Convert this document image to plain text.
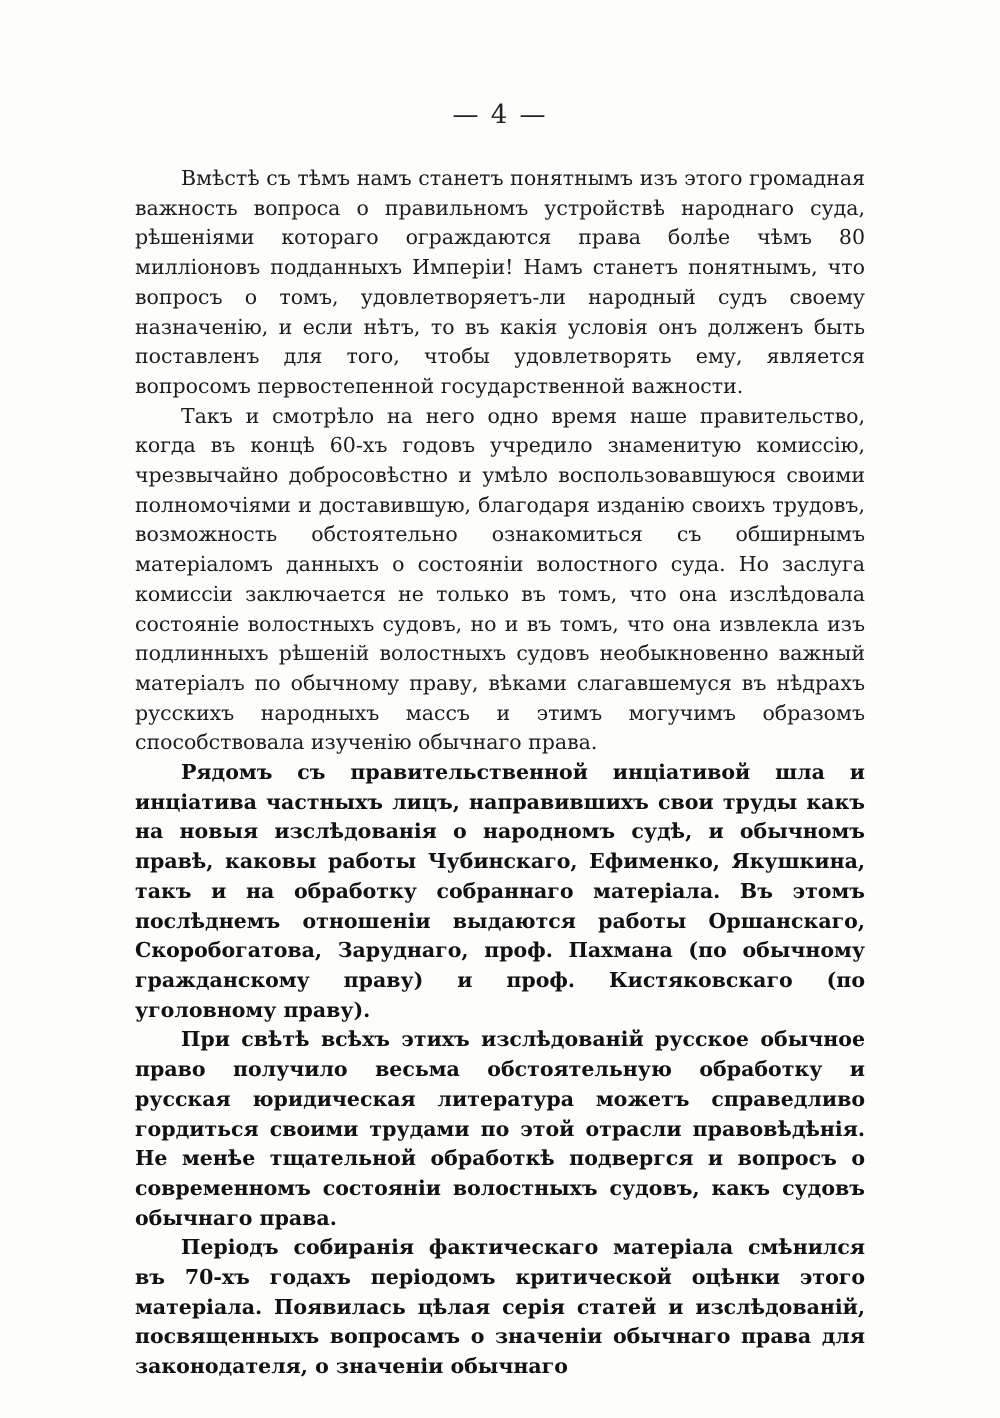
— 4 —

Вмѣстѣ съ тѣмъ намъ станетъ понятнымъ изъ этого громадная важность вопроса о правильномъ устройствѣ народнаго суда, рѣшеніями котораго ограждаются права болѣе чѣмъ 80 милліоновъ подданныхъ Имперіи! Намъ станетъ понятнымъ, что вопросъ о томъ, удовлетворяетъ-ли народный судъ своему назначенію, и если нѣтъ, то въ какія условія онъ долженъ быть поставленъ для того, чтобы удовлетворять ему, является вопросомъ первостепенной государственной важности.

Такъ и смотрѣло на него одно время наше правительство, когда въ концѣ 60-хъ годовъ учредило знаменитую комиссію, чрезвычайно добросовѣстно и умѣло воспользовавшуюся своими полномочіями и доставившую, благодаря изданію своихъ трудовъ, возможность обстоятельно ознакомиться съ обширнымъ матеріаломъ данныхъ о состояніи волостного суда. Но заслуга комиссіи заключается не только въ томъ, что она изслѣдовала состояніе волостныхъ судовъ, но и въ томъ, что она извлекла изъ подлинныхъ рѣшеній волостныхъ судовъ необыкновенно важный матеріалъ по обычному праву, вѣками слагавшемуся въ нѣдрахъ русскихъ народныхъ массъ и этимъ могучимъ образомъ способствовала изученію обычнаго права.

Рядомъ съ правительственной инціативой шла и инціатива частныхъ лицъ, направившихъ свои труды какъ на новыя изслѣдованія о народномъ судѣ, и обычномъ правѣ, каковы работы Чубинскаго, Ефименко, Якушкина, такъ и на обработку собраннаго матеріала. Въ этомъ послѣднемъ отношеніи выдаются работы Оршанскаго, Скоробогатова, Заруднаго, проф. Пахмана (по обычному гражданскому праву) и проф. Кистяковскаго (по уголовному праву).

При свѣтѣ всѣхъ этихъ изслѣдованій русское обычное право получило весьма обстоятельную обработку и русская юридическая литература можетъ справедливо гордиться своими трудами по этой отрасли правовѣдѣнія. Не менѣе тщательной обработкѣ подвергся и вопросъ о современномъ состояніи волостныхъ судовъ, какъ судовъ обычнаго права.

Періодъ собиранія фактическаго матеріала смѣнился въ 70-хъ годахъ періодомъ критической оцѣнки этого матеріала. Появилась цѣлая серія статей и изслѣдованій, посвященныхъ вопросамъ о значеніи обычнаго права для законодателя, о значеніи обычнаго
